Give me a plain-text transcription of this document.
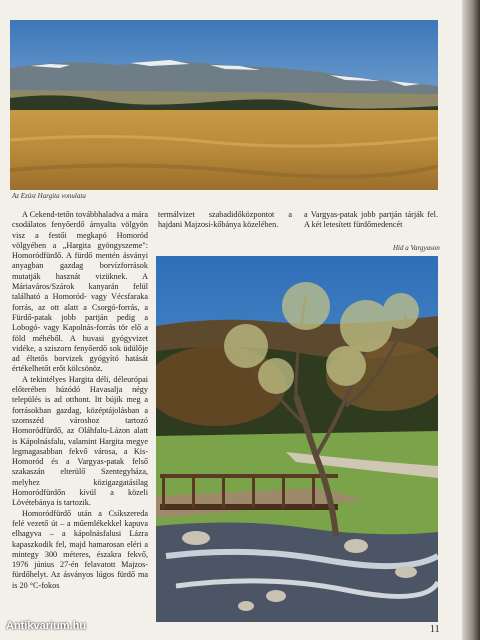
Az Ezüst Hargita vonulata

A Cekend-tetőn továbbhaladva a mára csodálatos fenyőerdő árnyalta völgyön visz a festői megkapó Homoród völgyében a „Hargita gyöngyszeme": Homoródfürdő. A fürdő mentén ásványi anyagban gazdag borvízforrások mutatják hasznát vizüknek. A Máriaváros/Szárok kanyarán felül található a Homoród- vagy Vécsfaraka forrás, az ott alatt a Csorgó-forrás, a Fürdő-patak jobb partján pedig a Lobogó- vagy Kapolnás-forrás tör elő a föld méhéből. A huvasi gyógyvizet vidéke, a sziszorn fenyőerdő sok üdülője ad éltetős borvizek gyógyító hatását értékelhetőt erőt kölcsönöz.

A tekintélyes Hargita déli, déleurópai előterében húzódó Havasalja négy település is ad otthont. Itt bújik meg a forrásokban gazdag, középtájolásban a szomszéd városhoz tartozó Homoródfürdő, az Oláhfalu-Lázon alatt is Kápolnásfalu, valamint Hargita megye legmagasabban fekvő városa, a Kis-Homoród és a Vargyas-patak felső szakaszán elterülő Szentegyháza, melyhez közigazgatásilag Homoródfürdőn kívül a közeli Lövétebánya is tartozik.

Homoródfürdő után a Csíkszereda felé vezető út – a műemlékekkel kapuva elhagyva – a kápolnásfalusi Lázra kapaszkodik fel, majd hamarosan eléri a mintegy 300 méteres, északra fekvő, 1976 június 27-én felavatott Majzos-fürdőhelyt. Az ásványos lúgos fürdő ma is 20 °C-fokos

termálvizet szabadidőközpontot a hajdani Majzosi-kőbánya közelében.

a Vargyas-patak jobb partján tárják fel. A két letesített fürdőmedencét

Híd a Vargyason
11
Antikvarium.hu
